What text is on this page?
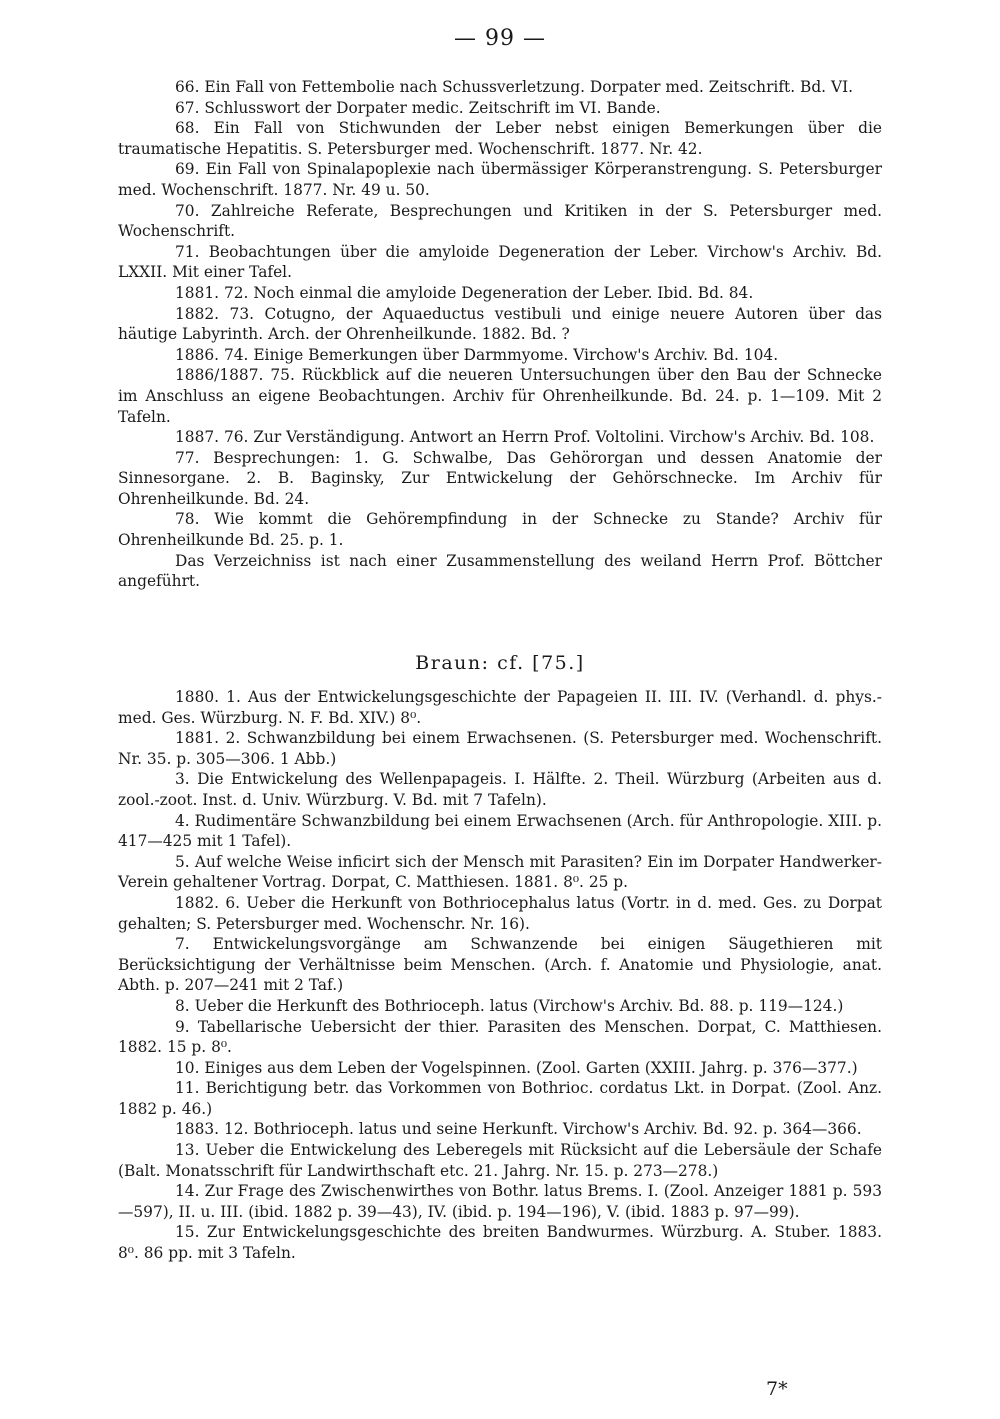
— 99 —

66. Ein Fall von Fettembolie nach Schussverletzung. Dorpater med. Zeitschrift. Bd. VI.

67. Schlusswort der Dorpater medic. Zeitschrift im VI. Bande.

68. Ein Fall von Stichwunden der Leber nebst einigen Bemerkungen über die traumatische Hepatitis. S. Petersburger med. Wochenschrift. 1877. Nr. 42.

69. Ein Fall von Spinalapoplexie nach übermässiger Körperanstrengung. S. Petersburger med. Wochenschrift. 1877. Nr. 49 u. 50.

70. Zahlreiche Referate, Besprechungen und Kritiken in der S. Petersburger med. Wochenschrift.

71. Beobachtungen über die amyloide Degeneration der Leber. Virchow's Archiv. Bd. LXXII. Mit einer Tafel.

1881. 72. Noch einmal die amyloide Degeneration der Leber. Ibid. Bd. 84.

1882. 73. Cotugno, der Aquaeductus vestibuli und einige neuere Autoren über das häutige Labyrinth. Arch. der Ohrenheilkunde. 1882. Bd. ?

1886. 74. Einige Bemerkungen über Darmmyome. Virchow's Archiv. Bd. 104.

1886/1887. 75. Rückblick auf die neueren Untersuchungen über den Bau der Schnecke im Anschluss an eigene Beobachtungen. Archiv für Ohrenheilkunde. Bd. 24. p. 1—109. Mit 2 Tafeln.

1887. 76. Zur Verständigung. Antwort an Herrn Prof. Voltolini. Virchow's Archiv. Bd. 108.

77. Besprechungen: 1. G. Schwalbe, Das Gehörorgan und dessen Anatomie der Sinnesorgane. 2. B. Baginsky, Zur Entwickelung der Gehörschnecke. Im Archiv für Ohrenheilkunde. Bd. 24.

78. Wie kommt die Gehörempfindung in der Schnecke zu Stande? Archiv für Ohrenheilkunde Bd. 25. p. 1.

Das Verzeichniss ist nach einer Zusammenstellung des weiland Herrn Prof. Böttcher angeführt.

Braun: cf. [75.]

1880. 1. Aus der Entwickelungsgeschichte der Papageien II. III. IV. (Verhandl. d. phys.-med. Ges. Würzburg. N. F. Bd. XIV.) 8⁰.

1881. 2. Schwanzbildung bei einem Erwachsenen. (S. Petersburger med. Wochenschrift. Nr. 35. p. 305—306. 1 Abb.)

3. Die Entwickelung des Wellenpapageis. I. Hälfte. 2. Theil. Würzburg (Arbeiten aus d. zool.-zoot. Inst. d. Univ. Würzburg. V. Bd. mit 7 Tafeln).

4. Rudimentäre Schwanzbildung bei einem Erwachsenen (Arch. für Anthropologie. XIII. p. 417—425 mit 1 Tafel).

5. Auf welche Weise inficirt sich der Mensch mit Parasiten? Ein im Dorpater Handwerker-Verein gehaltener Vortrag. Dorpat, C. Matthiesen. 1881. 8⁰. 25 p.

1882. 6. Ueber die Herkunft von Bothriocephalus latus (Vortr. in d. med. Ges. zu Dorpat gehalten; S. Petersburger med. Wochenschr. Nr. 16).

7. Entwickelungsvorgänge am Schwanzende bei einigen Säugethieren mit Berücksichtigung der Verhältnisse beim Menschen. (Arch. f. Anatomie und Physiologie, anat. Abth. p. 207—241 mit 2 Taf.)

8. Ueber die Herkunft des Bothrioceph. latus (Virchow's Archiv. Bd. 88. p. 119—124.)

9. Tabellarische Uebersicht der thier. Parasiten des Menschen. Dorpat, C. Matthiesen. 1882. 15 p. 8⁰.

10. Einiges aus dem Leben der Vogelspinnen. (Zool. Garten (XXIII. Jahrg. p. 376—377.)

11. Berichtigung betr. das Vorkommen von Bothrioc. cordatus Lkt. in Dorpat. (Zool. Anz. 1882 p. 46.)

1883. 12. Bothrioceph. latus und seine Herkunft. Virchow's Archiv. Bd. 92. p. 364—366.

13. Ueber die Entwickelung des Leberegels mit Rücksicht auf die Lebersäule der Schafe (Balt. Monatsschrift für Landwirthschaft etc. 21. Jahrg. Nr. 15. p. 273—278.)

14. Zur Frage des Zwischenwirthes von Bothr. latus Brems. I. (Zool. Anzeiger 1881 p. 593—597), II. u. III. (ibid. 1882 p. 39—43), IV. (ibid. p. 194—196), V. (ibid. 1883 p. 97—99).

15. Zur Entwickelungsgeschichte des breiten Bandwurmes. Würzburg. A. Stuber. 1883. 8⁰. 86 pp. mit 3 Tafeln.

7*
